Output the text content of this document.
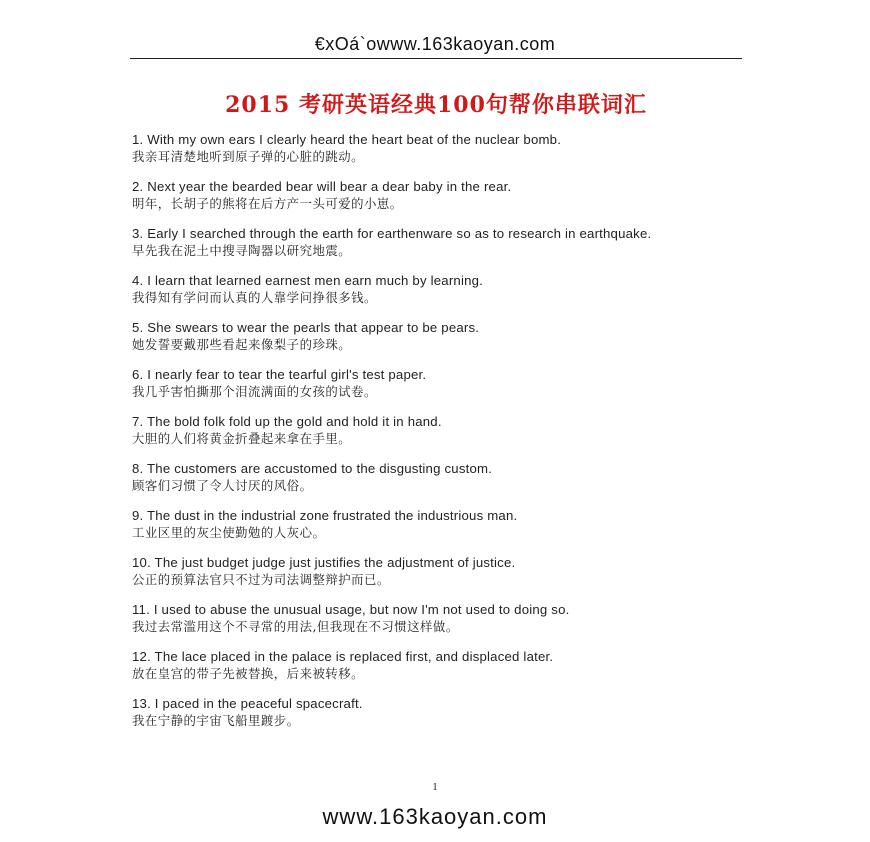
€xOá`owww.163kaoyan.com
2015 考研英语经典100句帮你串联词汇
1. With my own ears I clearly heard the heart beat of the nuclear bomb.
我亲耳清楚地听到原子弹的心脏的跳动。
2. Next year the bearded bear will bear a dear baby in the rear.
明年，长胡子的熊将在后方产一头可爱的小崽。
3. Early I searched through the earth for earthenware so as to research in earthquake.
早先我在泥土中搜寻陶器以研究地震。
4. I learn that learned earnest men earn much by learning.
我得知有学问而认真的人靠学问挣很多钱。
5. She swears to wear the pearls that appear to be pears.
她发誓要戴那些看起来像梨子的珍珠。
6. I nearly fear to tear the tearful girl's test paper.
我几乎害怕撕那个泪流满面的女孩的试卷。
7. The bold folk fold up the gold and hold it in hand.
大胆的人们将黄金折叠起来拿在手里。
8. The customers are accustomed to the disgusting custom.
顾客们习惯了令人讨厌的风俗。
9. The dust in the industrial zone frustrated the industrious man.
工业区里的灰尘使勤勉的人灰心。
10. The just budget judge just justifies the adjustment of justice.
公正的预算法官只不过为司法调整辩护而已。
11. I used to abuse the unusual usage, but now I'm not used to doing so.
我过去常滥用这个不寻常的用法,但我现在不习惯这样做。
12. The lace placed in the palace is replaced first, and displaced later.
放在皇宫的带子先被替换，后来被转移。
13. I paced in the peaceful spacecraft.
我在宁静的宇宙飞船里踱步。
1
www.163kaoyan.com
